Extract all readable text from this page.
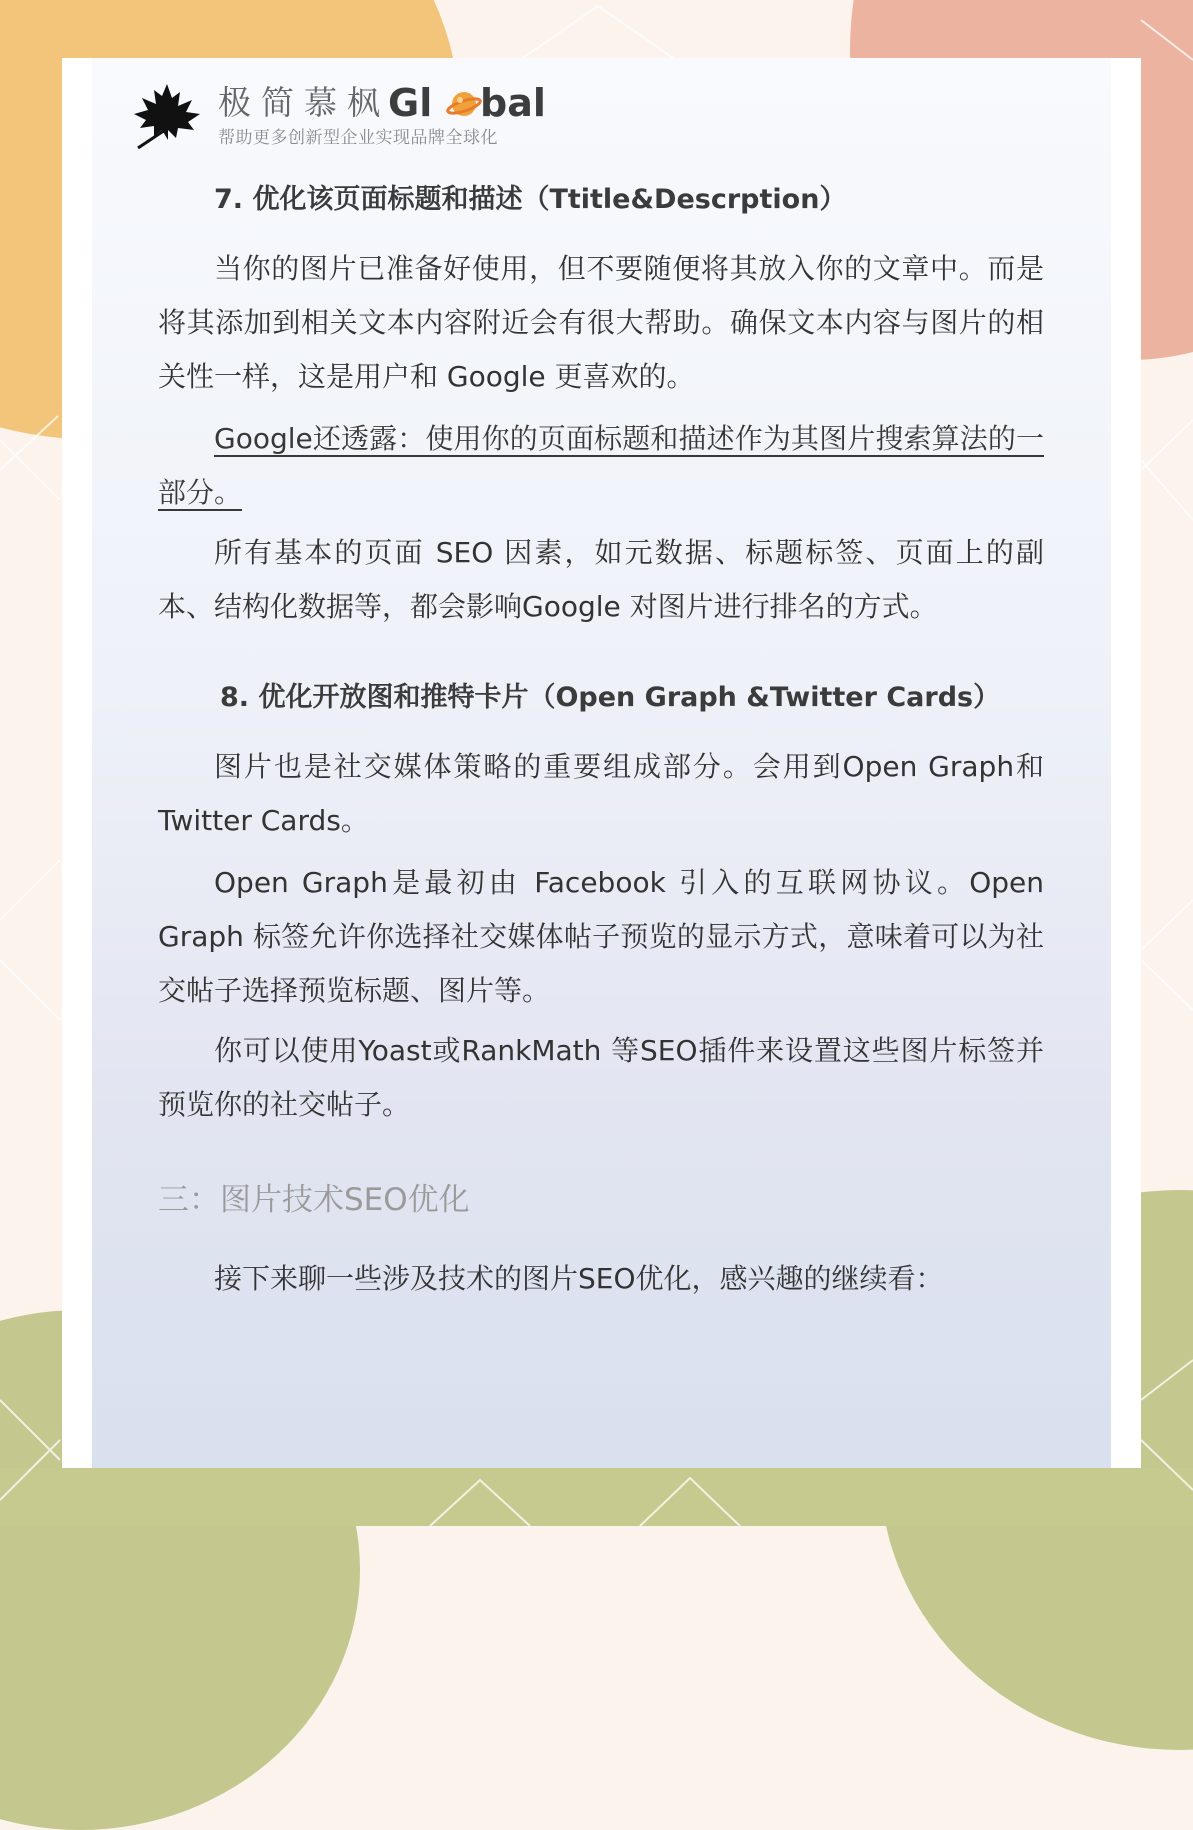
极简慕枫
Gl bal
帮助更多创新型企业实现品牌全球化
7. 优化该页面标题和描述（Ttitle&Descrption）

当你的图片已准备好使用，但不要随便将其放入你的文章中。而是将其添加到相关文本内容附近会有很大帮助。确保文本内容与图片的相关性一样，这是用户和 Google 更喜欢的。

Google还透露：使用你的页面标题和描述作为其图片搜索算法的一部分。

所有基本的页面 SEO 因素，如元数据、标题标签、页面上的副本、结构化数据等，都会影响Google 对图片进行排名的方式。

8. 优化开放图和推特卡片（Open Graph &Twitter Cards）

图片也是社交媒体策略的重要组成部分。会用到Open Graph和Twitter Cards。

Open Graph是最初由 Facebook 引入的互联网协议。Open Graph 标签允许你选择社交媒体帖子预览的显示方式，意味着可以为社交帖子选择预览标题、图片等。

你可以使用Yoast或RankMath 等SEO插件来设置这些图片标签并预览你的社交帖子。

三：图片技术SEO优化

接下来聊一些涉及技术的图片SEO优化，感兴趣的继续看：
